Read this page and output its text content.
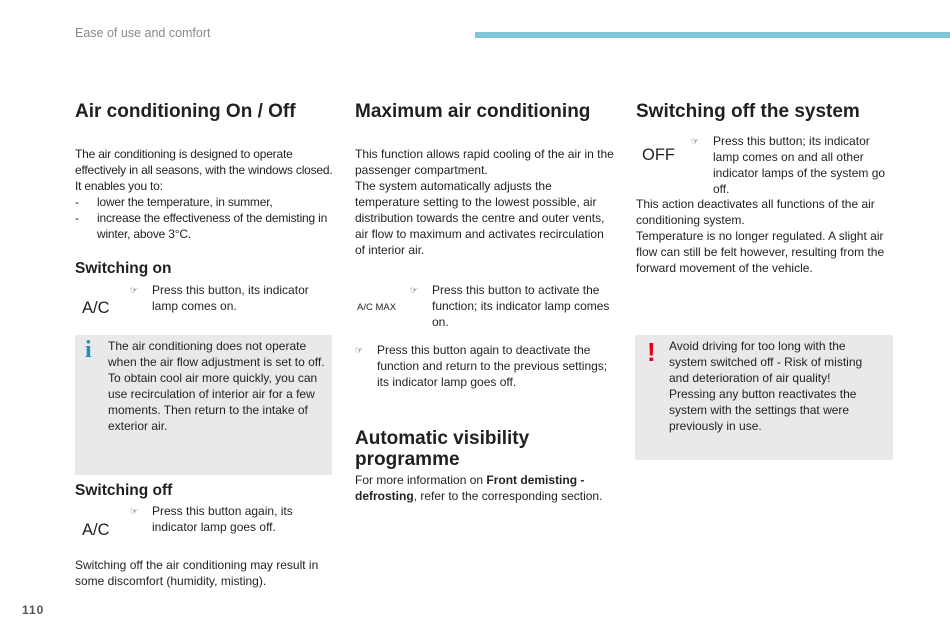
Ease of use and comfort
Air conditioning On / Off
The air conditioning is designed to operate effectively in all seasons, with the windows closed.
It enables you to:
- lower the temperature, in summer,
- increase the effectiveness of the demisting in winter, above 3°C.
Switching on
A/C
☞ Press this button, its indicator lamp comes on.
i The air conditioning does not operate when the air flow adjustment is set to off.
To obtain cool air more quickly, you can use recirculation of interior air for a few moments. Then return to the intake of exterior air.
Switching off
A/C
☞ Press this button again, its indicator lamp goes off.
Switching off the air conditioning may result in some discomfort (humidity, misting).
Maximum air conditioning
This function allows rapid cooling of the air in the passenger compartment.
The system automatically adjusts the temperature setting to the lowest possible, air distribution towards the centre and outer vents, air flow to maximum and activates recirculation of interior air.
A/C MAX
☞ Press this button to activate the function; its indicator lamp comes on.
☞ Press this button again to deactivate the function and return to the previous settings; its indicator lamp goes off.
Automatic visibility programme
For more information on Front demisting - defrosting, refer to the corresponding section.
Switching off the system
OFF
☞ Press this button; its indicator lamp comes on and all other indicator lamps of the system go off.
This action deactivates all functions of the air conditioning system.
Temperature is no longer regulated. A slight air flow can still be felt however, resulting from the forward movement of the vehicle.
! Avoid driving for too long with the system switched off - Risk of misting and deterioration of air quality!
Pressing any button reactivates the system with the settings that were previously in use.
110
